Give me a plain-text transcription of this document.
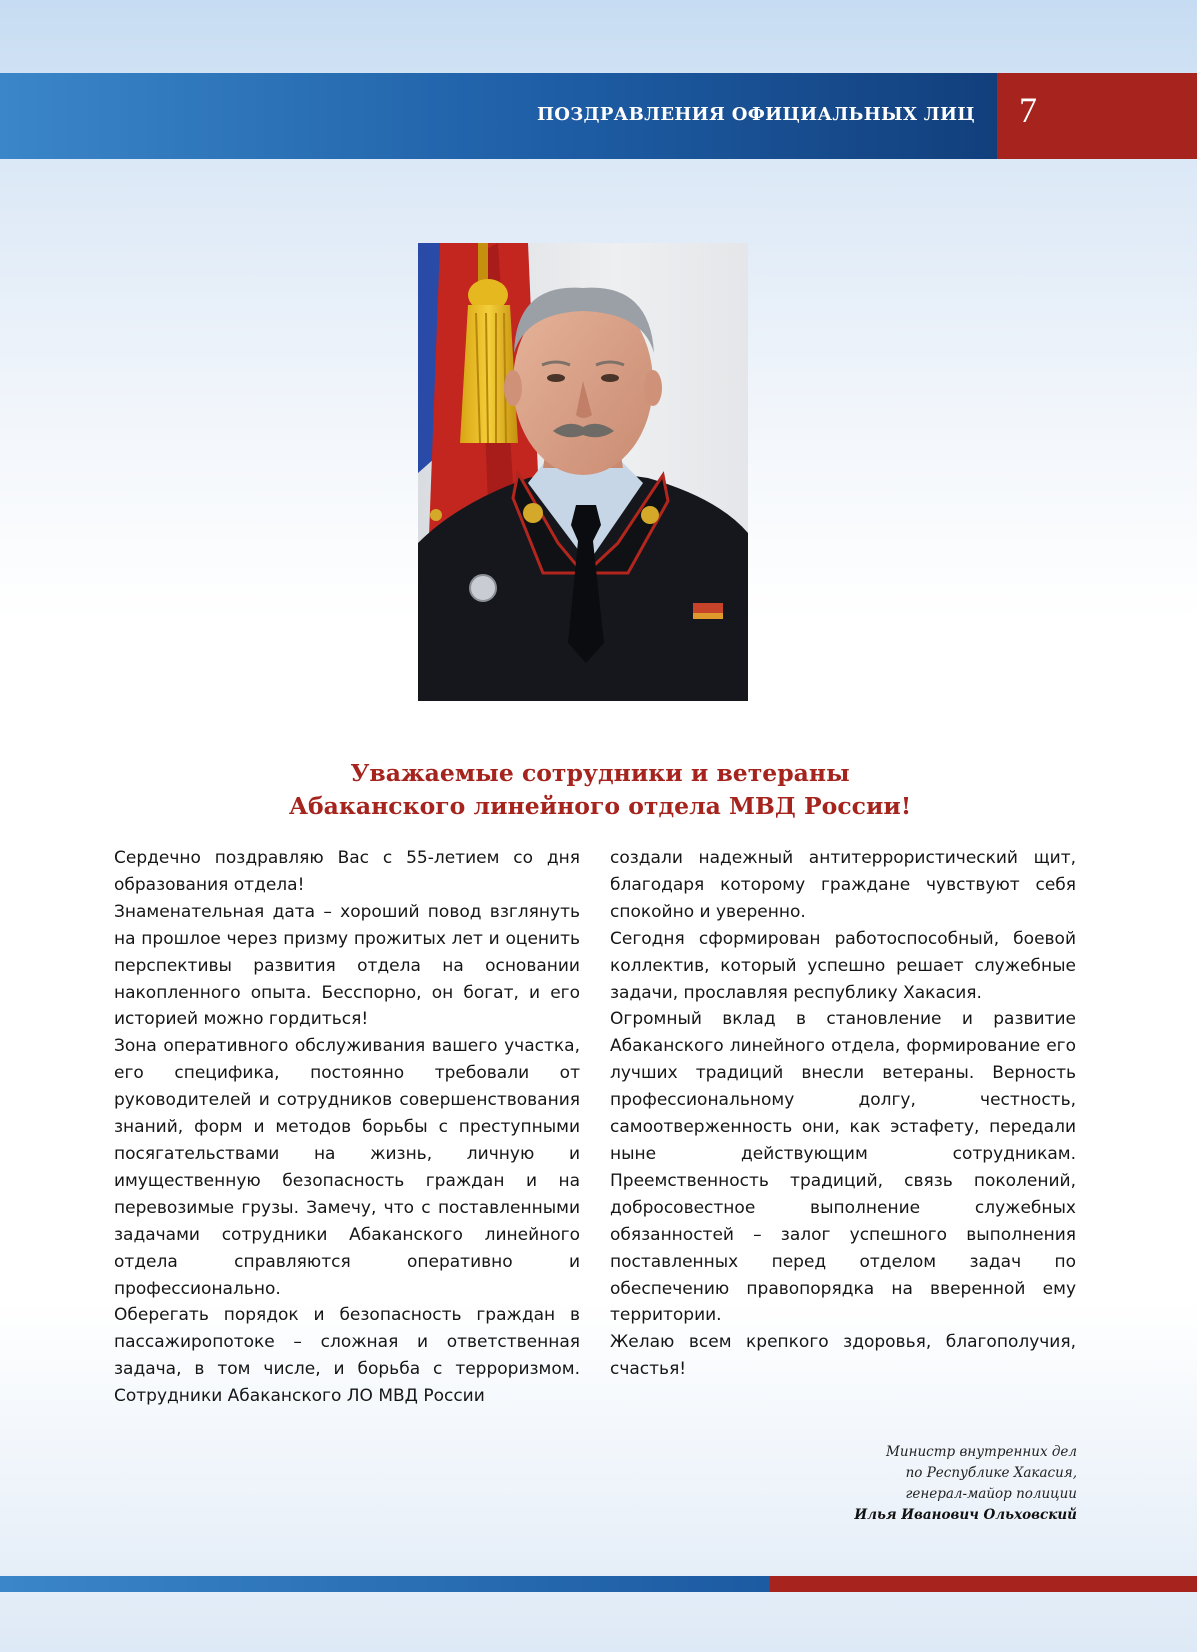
ПОЗДРАВЛЕНИЯ ОФИЦИАЛЬНЫХ ЛИЦ 7
Уважаемые сотрудники и ветераны
Абаканского линейного отдела МВД России!

Сердечно поздравляю Вас с 55-летием со дня образования отдела!

Знаменательная дата – хороший повод взглянуть на прошлое через призму прожитых лет и оценить перспективы развития отдела на основании накопленного опыта. Бесспорно, он богат, и его историей можно гордиться!

Зона оперативного обслуживания вашего участка, его специфика, постоянно требовали от руководителей и сотрудников совершенствования знаний, форм и методов борьбы с преступными посягательствами на жизнь, личную и имущественную безопасность граждан и на перевозимые грузы. Замечу, что с поставленными задачами сотрудники Абаканского линейного отдела справляются оперативно и профессионально.

Оберегать порядок и безопасность граждан в пассажиропотоке – сложная и ответственная задача, в том числе, и борьба с терроризмом. Сотрудники Абаканского ЛО МВД России

создали надежный антитеррористический щит, благодаря которому граждане чувствуют себя спокойно и уверенно.

Сегодня сформирован работоспособный, боевой коллектив, который успешно решает служебные задачи, прославляя республику Хакасия.

Огромный вклад в становление и развитие Абаканского линейного отдела, формирование его лучших традиций внесли ветераны. Верность профессиональному долгу, честность, самоотверженность они, как эстафету, передали ныне действующим сотрудникам. Преемственность традиций, связь поколений, добросовестное выполнение служебных обязанностей – залог успешного выполнения поставленных перед отделом задач по обеспечению правопорядка на вверенной ему территории.

Желаю всем крепкого здоровья, благополучия, счастья!

Министр внутренних дел
по Республике Хакасия,
генерал-майор полиции
Илья Иванович Ольховский
